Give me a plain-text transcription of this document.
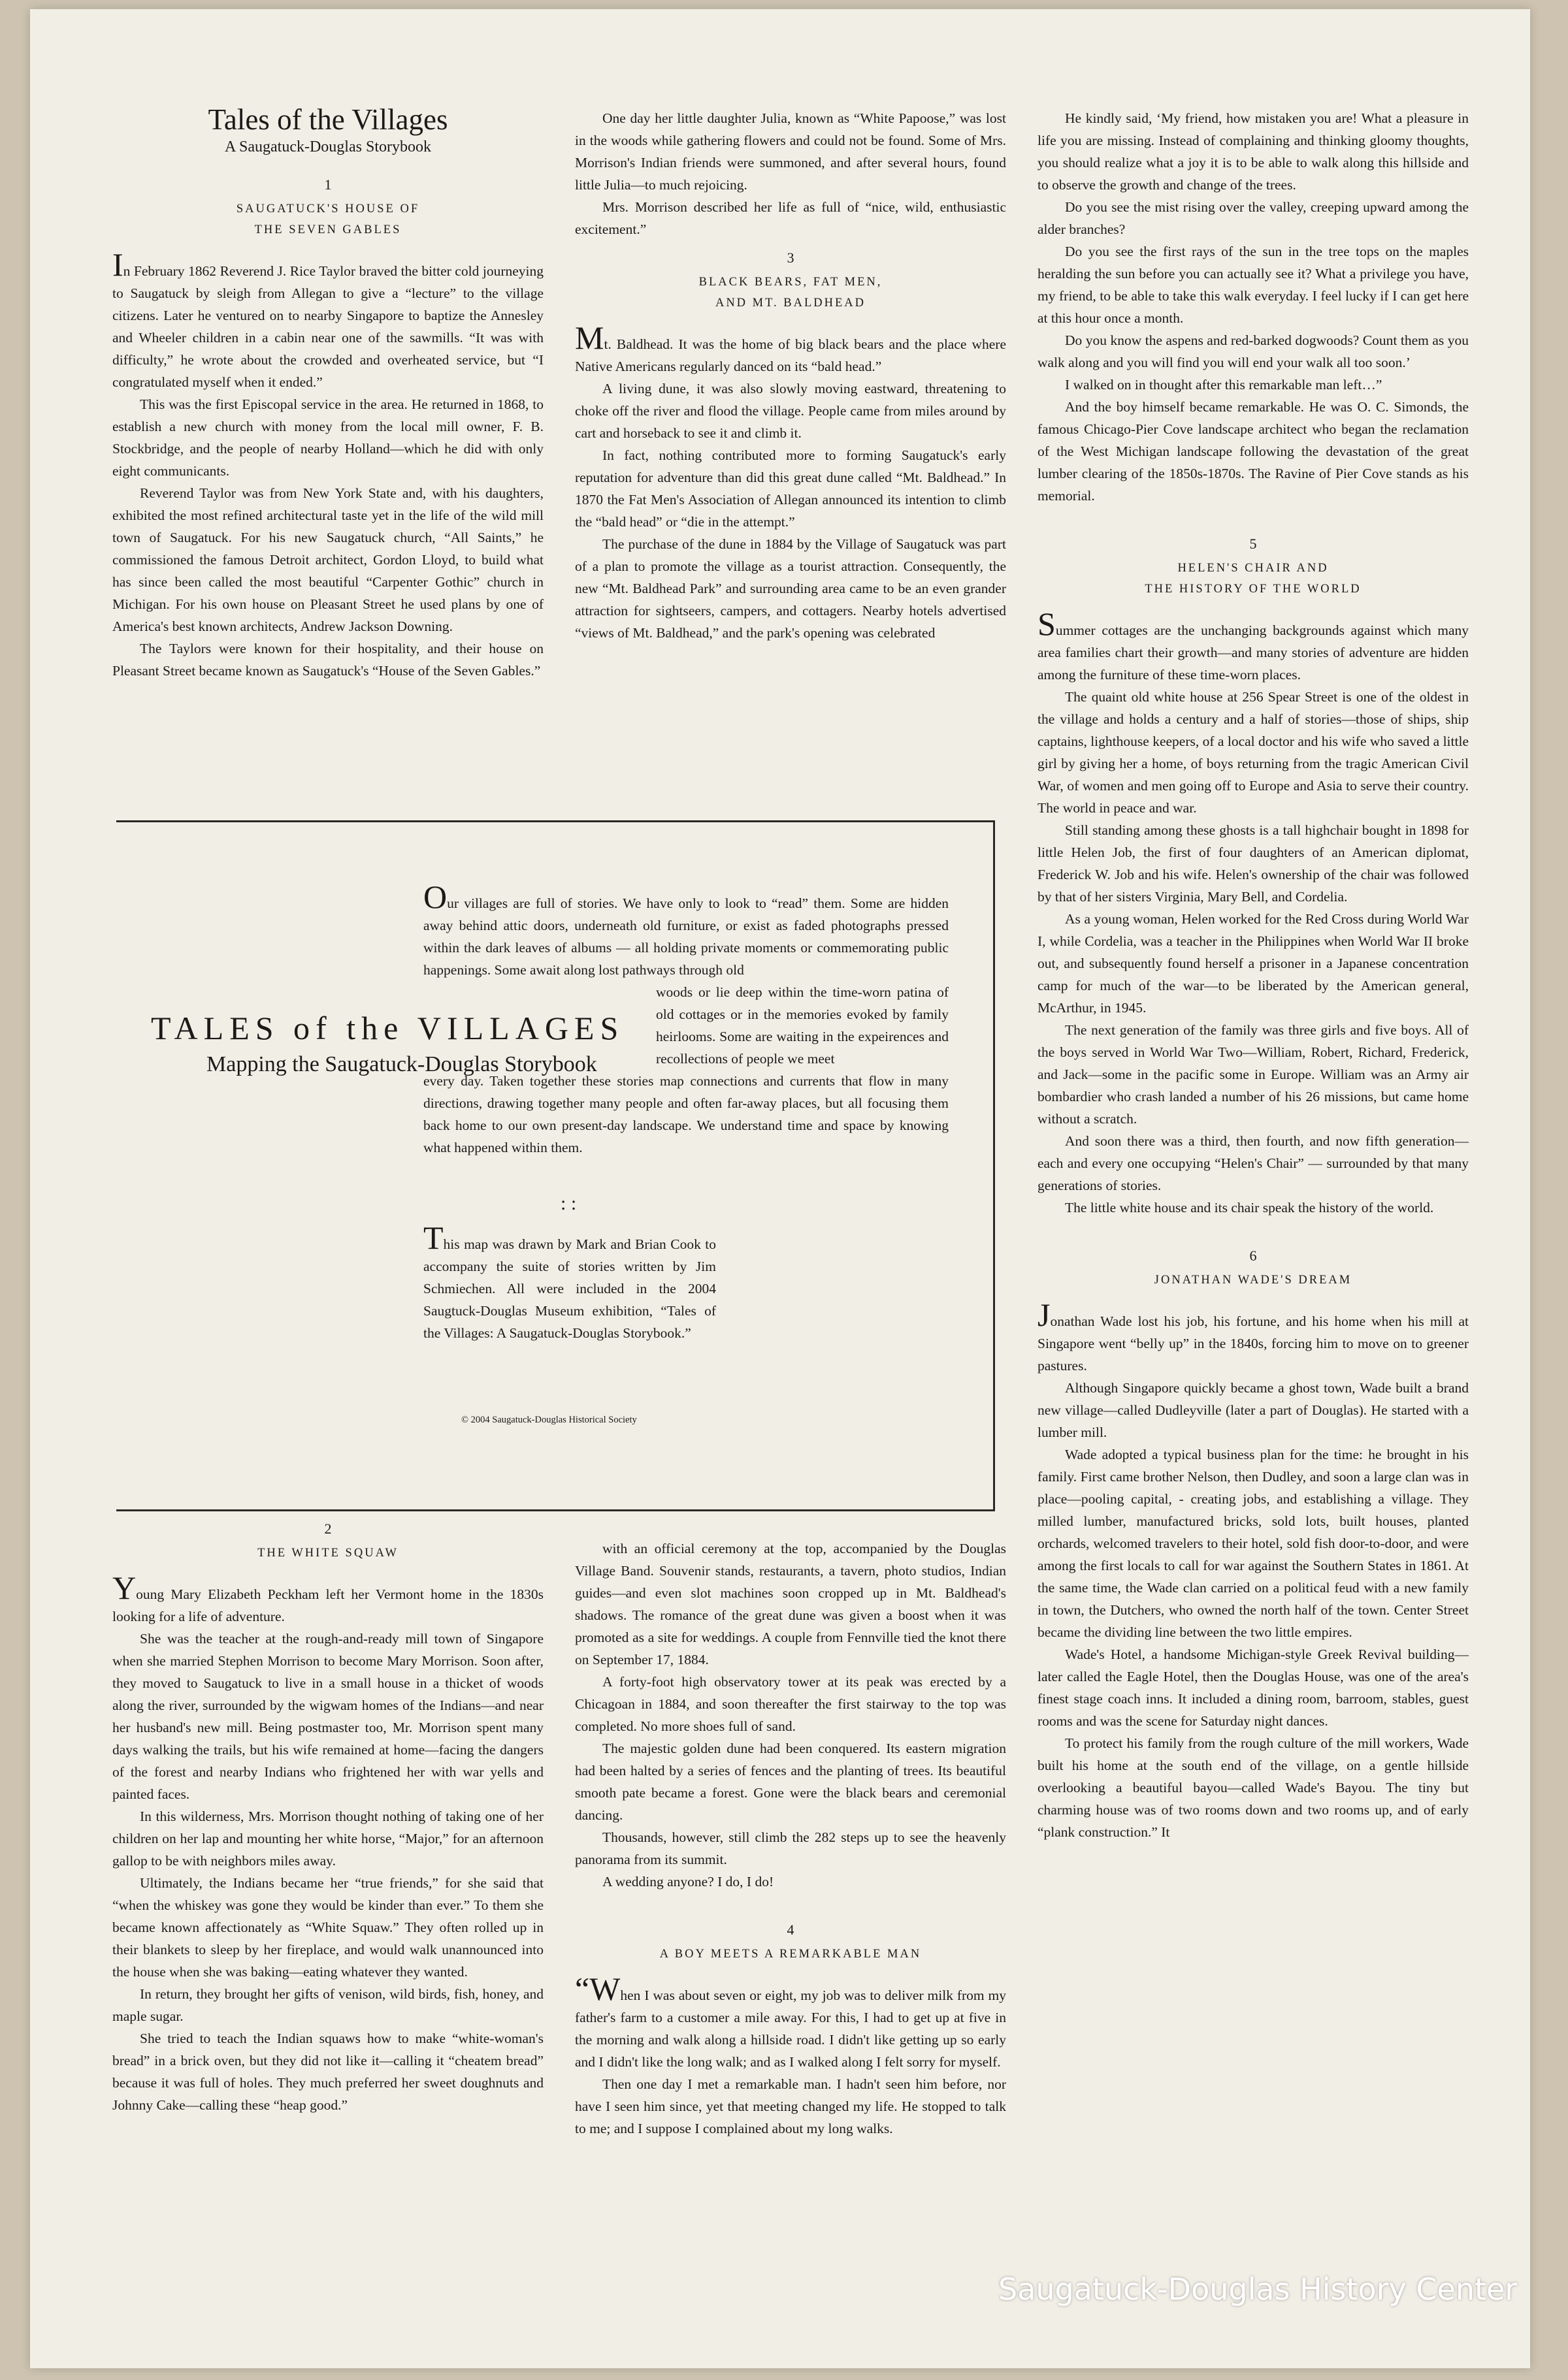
Tales of the Villages
A Saugatuck-Douglas Storybook
1
SAUGATUCK'S HOUSE OF
THE SEVEN GABLES

In February 1862 Reverend J. Rice Taylor braved the bitter cold journeying to Saugatuck by sleigh from Allegan to give a “lecture” to the village citizens. Later he ventured on to nearby Singapore to baptize the Annesley and Wheeler children in a cabin near one of the sawmills. “It was with difficulty,” he wrote about the crowded and overheated service, but “I congratulated myself when it ended.”

This was the first Episcopal service in the area. He returned in 1868, to establish a new church with money from the local mill owner, F. B. Stockbridge, and the people of nearby Holland—which he did with only eight communicants.

Reverend Taylor was from New York State and, with his daughters, exhibited the most refined architectural taste yet in the life of the wild mill town of Saugatuck. For his new Saugatuck church, “All Saints,” he commissioned the famous Detroit architect, Gordon Lloyd, to build what has since been called the most beautiful “Carpenter Gothic” church in Michigan. For his own house on Pleasant Street he used plans by one of America's best known architects, Andrew Jackson Downing.

The Taylors were known for their hospitality, and their house on Pleasant Street became known as Saugatuck's “House of the Seven Gables.”

One day her little daughter Julia, known as “White Papoose,” was lost in the woods while gathering flowers and could not be found. Some of Mrs. Morrison's Indian friends were summoned, and after several hours, found little Julia—to much rejoicing.

Mrs. Morrison described her life as full of “nice, wild, enthusiastic excitement.”

3
BLACK BEARS, FAT MEN,
AND MT. BALDHEAD

Mt. Baldhead. It was the home of big black bears and the place where Native Americans regularly danced on its “bald head.”

A living dune, it was also slowly moving eastward, threatening to choke off the river and flood the village. People came from miles around by cart and horseback to see it and climb it.

In fact, nothing contributed more to forming Saugatuck's early reputation for adventure than did this great dune called “Mt. Baldhead.” In 1870 the Fat Men's Association of Allegan announced its intention to climb the “bald head” or “die in the attempt.”

The purchase of the dune in 1884 by the Village of Saugatuck was part of a plan to promote the village as a tourist attraction. Consequently, the new “Mt. Baldhead Park” and surrounding area came to be an even grander attraction for sightseers, campers, and cottagers. Nearby hotels advertised “views of Mt. Baldhead,” and the park's opening was celebrated

He kindly said, ‘My friend, how mistaken you are! What a pleasure in life you are missing. Instead of complaining and thinking gloomy thoughts, you should realize what a joy it is to be able to walk along this hillside and to observe the growth and change of the trees.

Do you see the mist rising over the valley, creeping upward among the alder branches?

Do you see the first rays of the sun in the tree tops on the maples heralding the sun before you can actually see it? What a privilege you have, my friend, to be able to take this walk everyday. I feel lucky if I can get here at this hour once a month.

Do you know the aspens and red-barked dogwoods? Count them as you walk along and you will find you will end your walk all too soon.’

I walked on in thought after this remarkable man left…”

And the boy himself became remarkable. He was O. C. Simonds, the famous Chicago-Pier Cove landscape architect who began the reclamation of the West Michigan landscape following the devastation of the great lumber clearing of the 1850s-1870s. The Ravine of Pier Cove stands as his memorial.

5
HELEN'S CHAIR AND
THE HISTORY OF THE WORLD

Summer cottages are the unchanging backgrounds against which many area families chart their growth—and many stories of adventure are hidden among the furniture of these time-worn places.

The quaint old white house at 256 Spear Street is one of the oldest in the village and holds a century and a half of stories—those of ships, ship captains, lighthouse keepers, of a local doctor and his wife who saved a little girl by giving her a home, of boys returning from the tragic American Civil War, of women and men going off to Europe and Asia to serve their country. The world in peace and war.

Still standing among these ghosts is a tall highchair bought in 1898 for little Helen Job, the first of four daughters of an American diplomat, Frederick W. Job and his wife. Helen's ownership of the chair was followed by that of her sisters Virginia, Mary Bell, and Cordelia.

As a young woman, Helen worked for the Red Cross during World War I, while Cordelia, was a teacher in the Philippines when World War II broke out, and subsequently found herself a prisoner in a Japanese concentration camp for much of the war—to be liberated by the American general, McArthur, in 1945.

The next generation of the family was three girls and five boys. All of the boys served in World War Two—William, Robert, Richard, Frederick, and Jack—some in the pacific some in Europe. William was an Army air bombardier who crash landed a number of his 26 missions, but came home without a scratch.

And soon there was a third, then fourth, and now fifth generation—each and every one occupying “Helen's Chair” — surrounded by that many generations of stories.

The little white house and its chair speak the history of the world.

6
JONATHAN WADE'S DREAM

Jonathan Wade lost his job, his fortune, and his home when his mill at Singapore went “belly up” in the 1840s, forcing him to move on to greener pastures.

Although Singapore quickly became a ghost town, Wade built a brand new village—called Dudleyville (later a part of Douglas). He started with a lumber mill.

Wade adopted a typical business plan for the time: he brought in his family. First came brother Nelson, then Dudley, and soon a large clan was in place—pooling capital, - creating jobs, and establishing a village. They milled lumber, manufactured bricks, sold lots, built houses, planted orchards, welcomed travelers to their hotel, sold fish door-to-door, and were among the first locals to call for war against the Southern States in 1861. At the same time, the Wade clan carried on a political feud with a new family in town, the Dutchers, who owned the north half of the town. Center Street became the dividing line between the two little empires.

Wade's Hotel, a handsome Michigan-style Greek Revival building—later called the Eagle Hotel, then the Douglas House, was one of the area's finest stage coach inns. It included a dining room, barroom, stables, guest rooms and was the scene for Saturday night dances.

To protect his family from the rough culture of the mill workers, Wade built his home at the south end of the village, on a gentle hillside overlooking a beautiful bayou—called Wade's Bayou. The tiny but charming house was of two rooms down and two rooms up, and of early “plank construction.” It

TALES of the VILLAGES
Mapping the Saugatuck-Douglas Storybook

Our villages are full of stories. We have only to look to “read” them. Some are hidden away behind attic doors, underneath old furniture, or exist as faded photographs pressed within the dark leaves of albums — all holding private moments or commemorating public happenings. Some await along lost pathways through old

woods or lie deep within the time-worn patina of old cottages or in the memories evoked by family heirlooms. Some are waiting in the expeirences and recollections of people we meet

every day. Taken together these stories map connections and currents that flow in many directions, drawing together many people and often far-away places, but all focusing them back home to our own present-day landscape. We understand time and space by knowing what happened within them.

: :
This map was drawn by Mark and Brian Cook to accompany the suite of stories written by Jim Schmiechen. All were included in the 2004 Saugtuck-Douglas Museum exhibition, “Tales of the Villages: A Saugatuck-Douglas Storybook.”
© 2004 Saugatuck-Douglas Historical Society
2
THE WHITE SQUAW

Young Mary Elizabeth Peckham left her Vermont home in the 1830s looking for a life of adventure.

She was the teacher at the rough-and-ready mill town of Singapore when she married Stephen Morrison to become Mary Morrison. Soon after, they moved to Saugatuck to live in a small house in a thicket of woods along the river, surrounded by the wigwam homes of the Indians—and near her husband's new mill. Being postmaster too, Mr. Morrison spent many days walking the trails, but his wife remained at home—facing the dangers of the forest and nearby Indians who frightened her with war yells and painted faces.

In this wilderness, Mrs. Morrison thought nothing of taking one of her children on her lap and mounting her white horse, “Major,” for an afternoon gallop to be with neighbors miles away.

Ultimately, the Indians became her “true friends,” for she said that “when the whiskey was gone they would be kinder than ever.” To them she became known affectionately as “White Squaw.” They often rolled up in their blankets to sleep by her fireplace, and would walk unannounced into the house when she was baking—eating whatever they wanted.

In return, they brought her gifts of venison, wild birds, fish, honey, and maple sugar.

She tried to teach the Indian squaws how to make “white-woman's bread” in a brick oven, but they did not like it—calling it “cheatem bread” because it was full of holes. They much preferred her sweet doughnuts and Johnny Cake—calling these “heap good.”

with an official ceremony at the top, accompanied by the Douglas Village Band. Souvenir stands, restaurants, a tavern, photo studios, Indian guides—and even slot machines soon cropped up in Mt. Baldhead's shadows. The romance of the great dune was given a boost when it was promoted as a site for weddings. A couple from Fennville tied the knot there on September 17, 1884.

A forty-foot high observatory tower at its peak was erected by a Chicagoan in 1884, and soon thereafter the first stairway to the top was completed. No more shoes full of sand.

The majestic golden dune had been conquered. Its eastern migration had been halted by a series of fences and the planting of trees. Its beautiful smooth pate became a forest. Gone were the black bears and ceremonial dancing.

Thousands, however, still climb the 282 steps up to see the heavenly panorama from its summit.

A wedding anyone? I do, I do!

4
A BOY MEETS A REMARKABLE MAN

“When I was about seven or eight, my job was to deliver milk from my father's farm to a customer a mile away. For this, I had to get up at five in the morning and walk along a hillside road. I didn't like getting up so early and I didn't like the long walk; and as I walked along I felt sorry for myself.

Then one day I met a remarkable man. I hadn't seen him before, nor have I seen him since, yet that meeting changed my life. He stopped to talk to me; and I suppose I complained about my long walks.

Saugatuck-Douglas History Center
